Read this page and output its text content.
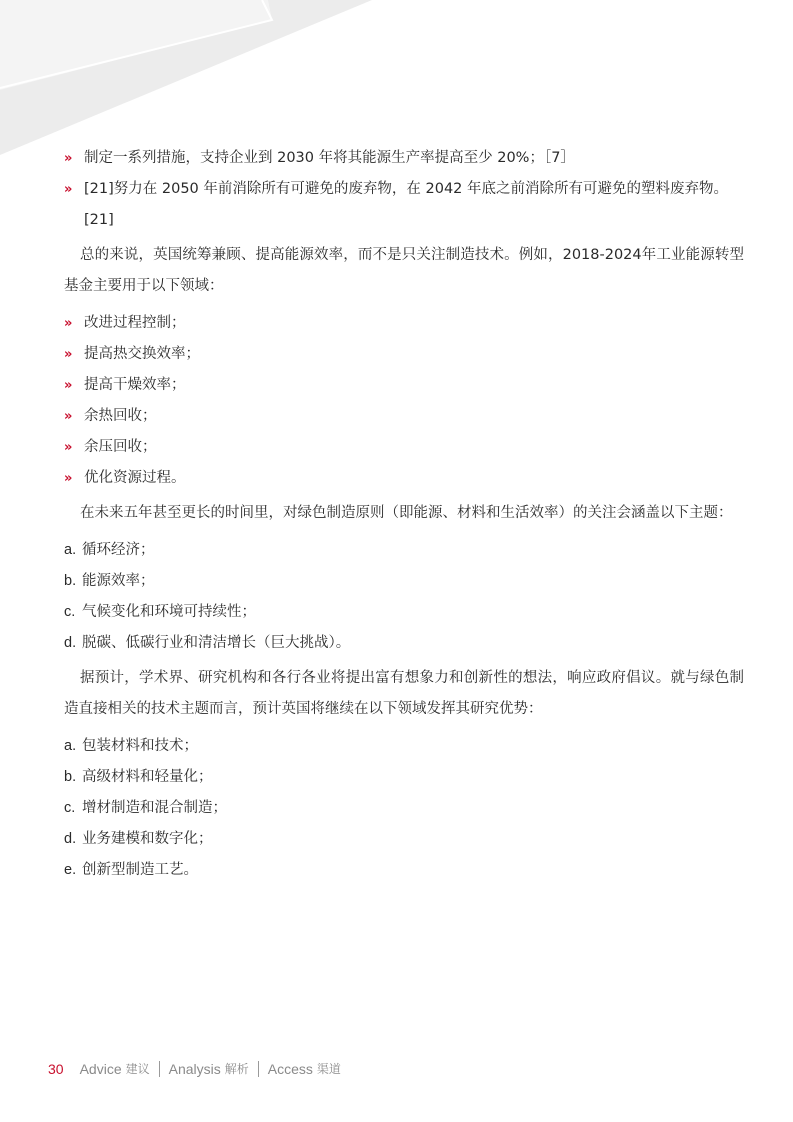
» 制定一系列措施，支持企业到 2030 年将其能源生产率提高至少 20%；［7］
» [21]努力在 2050 年前消除所有可避免的废弃物，在 2042 年底之前消除所有可避免的塑料废弃物。[21]

总的来说，英国统筹兼顾、提高能源效率，而不是只关注制造技术。例如，2018-2024年工业能源转型基金主要用于以下领域：

» 改进过程控制；
» 提高热交换效率；
» 提高干燥效率；
» 余热回收；
» 余压回收；
» 优化资源过程。

在未来五年甚至更长的时间里，对绿色制造原则（即能源、材料和生活效率）的关注会涵盖以下主题：

a. 循环经济；
b. 能源效率；
c. 气候变化和环境可持续性；
d. 脱碳、低碳行业和清洁增长（巨大挑战）。

据预计，学术界、研究机构和各行各业将提出富有想象力和创新性的想法，响应政府倡议。就与绿色制造直接相关的技术主题而言，预计英国将继续在以下领域发挥其研究优势：

a. 包装材料和技术；
b. 高级材料和轻量化；
c. 增材制造和混合制造；
d. 业务建模和数字化；
e. 创新型制造工艺。
30 Advice 建议 Analysis 解析 Access 渠道
